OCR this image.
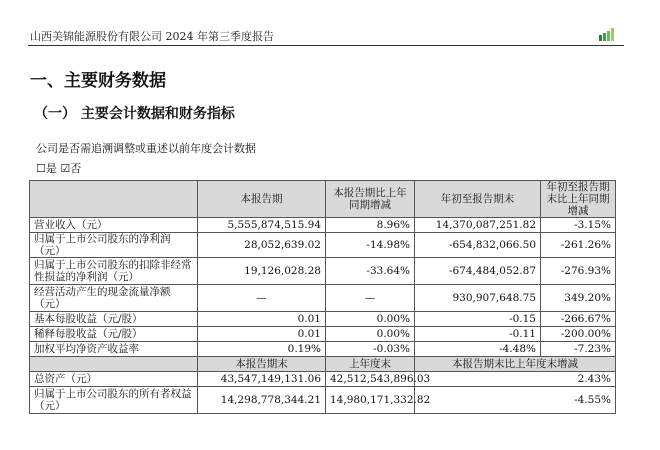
山西美锦能源股份有限公司 2024 年第三季度报告
一、主要财务数据
（一） 主要会计数据和财务指标
公司是否需追溯调整或重述以前年度会计数据
☐是 ☑否
	本报告期	本报告期比上年同期增减	年初至报告期末	年初至报告期末比上年同期增减
营业收入（元）	5,555,874,515.94	8.96%	14,370,087,251.82	-3.15%
归属于上市公司股东的净利润（元）	28,052,639.02	-14.98%	-654,832,066.50	-261.26%
归属于上市公司股东的扣除非经常性损益的净利润（元）	19,126,028.28	-33.64%	-674,484,052.87	-276.93%
经营活动产生的现金流量净额（元）	—	—	930,907,648.75	349.20%
基本每股收益（元/股）	0.01	0.00%	-0.15	-266.67%
稀释每股收益（元/股）	0.01	0.00%	-0.11	-200.00%
加权平均净资产收益率	0.19%	-0.03%	-4.48%	-7.23%
	本报告期末	上年度末	本报告期末比上年度末增减	
总资产（元）	43,547,149,131.06	42,512,543,896.03	2.43%	
归属于上市公司股东的所有者权益（元）	14,298,778,344.21	14,980,171,332.82	-4.55%	
